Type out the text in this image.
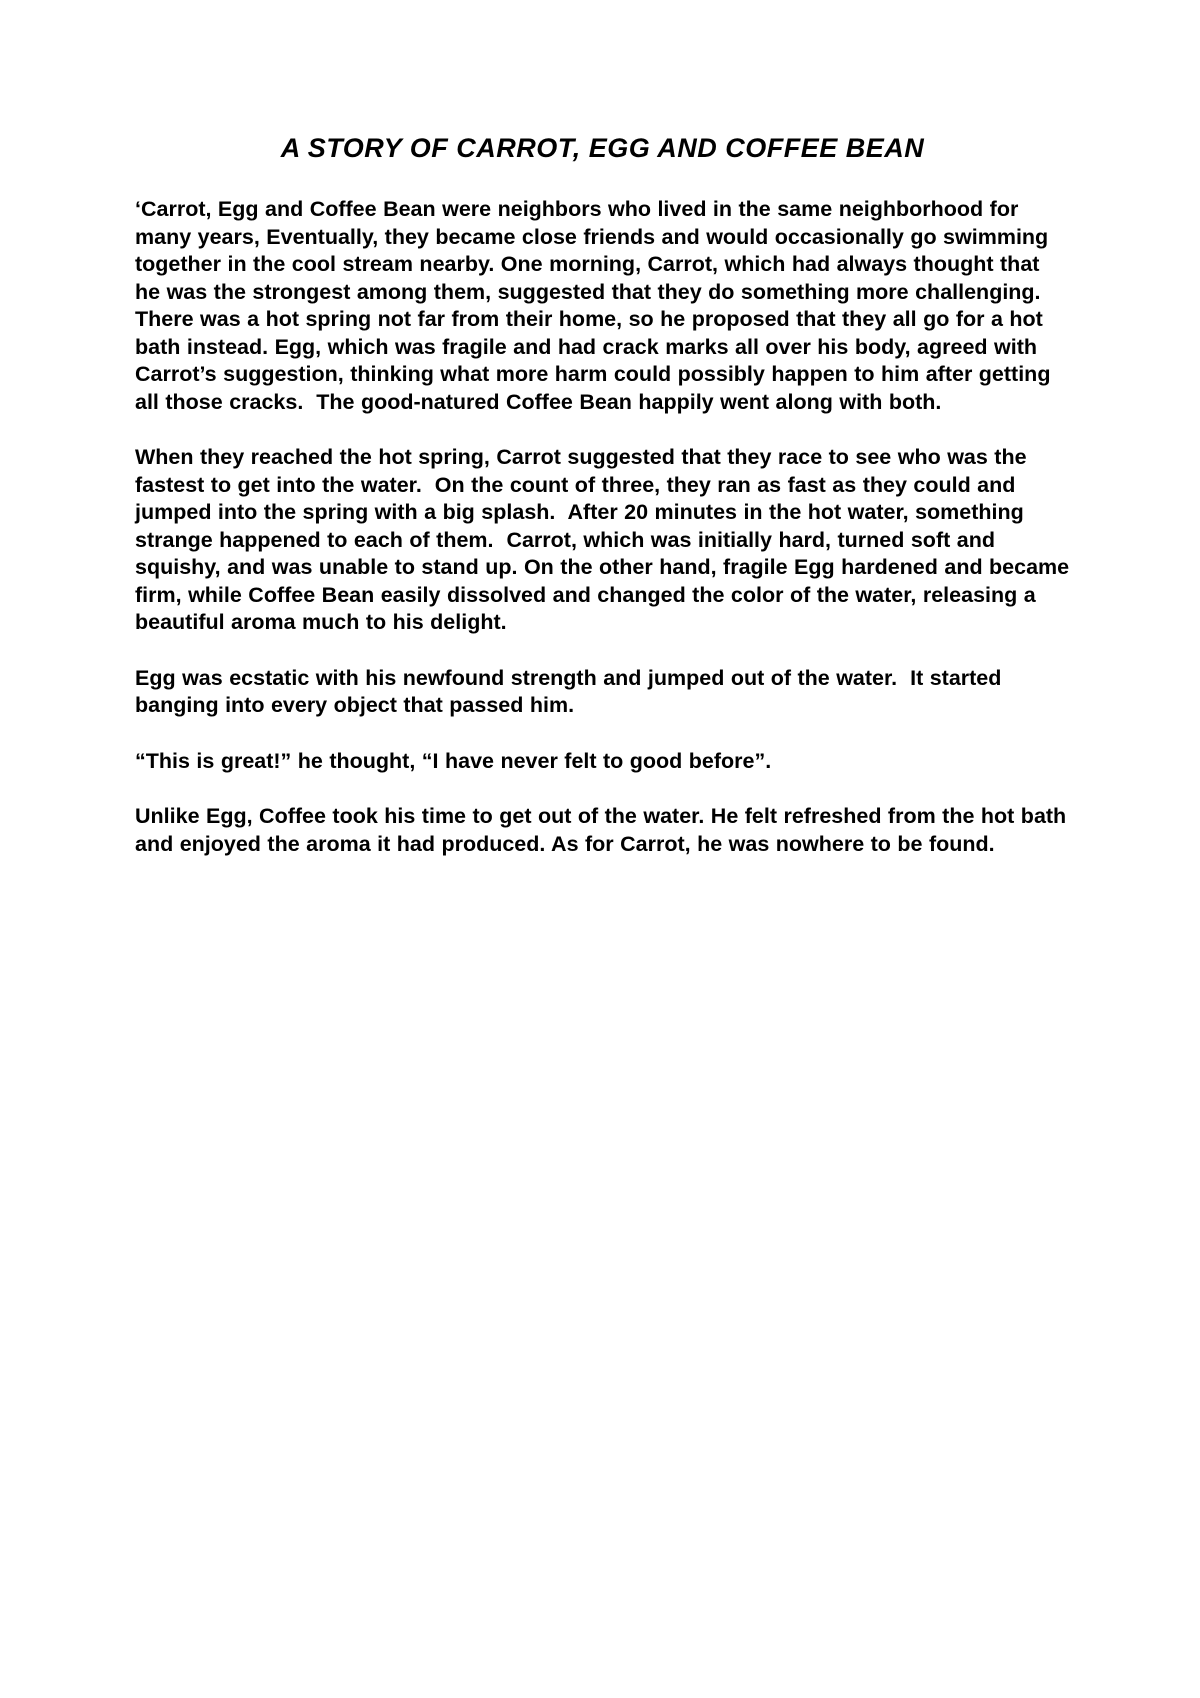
A STORY OF CARROT, EGG AND COFFEE BEAN

‘Carrot, Egg and Coffee Bean were neighbors who lived in the same neighborhood for many years, Eventually, they became close friends and would occasionally go swimming together in the cool stream nearby. One morning, Carrot, which had always thought that he was the strongest among them, suggested that they do something more challenging.  There was a hot spring not far from their home, so he proposed that they all go for a hot bath instead. Egg, which was fragile and had crack marks all over his body, agreed with Carrot’s suggestion, thinking what more harm could possibly happen to him after getting all those cracks.  The good-natured Coffee Bean happily went along with both.

When they reached the hot spring, Carrot suggested that they race to see who was the fastest to get into the water.  On the count of three, they ran as fast as they could and jumped into the spring with a big splash.  After 20 minutes in the hot water, something strange happened to each of them.  Carrot, which was initially hard, turned soft and squishy, and was unable to stand up. On the other hand, fragile Egg hardened and became firm, while Coffee Bean easily dissolved and changed the color of the water, releasing a beautiful aroma much to his delight.

Egg was ecstatic with his newfound strength and jumped out of the water.  It started banging into every object that passed him.

“This is great!” he thought, “I have never felt to good before”.

Unlike Egg, Coffee took his time to get out of the water. He felt refreshed from the hot bath and enjoyed the aroma it had produced. As for Carrot, he was nowhere to be found.
